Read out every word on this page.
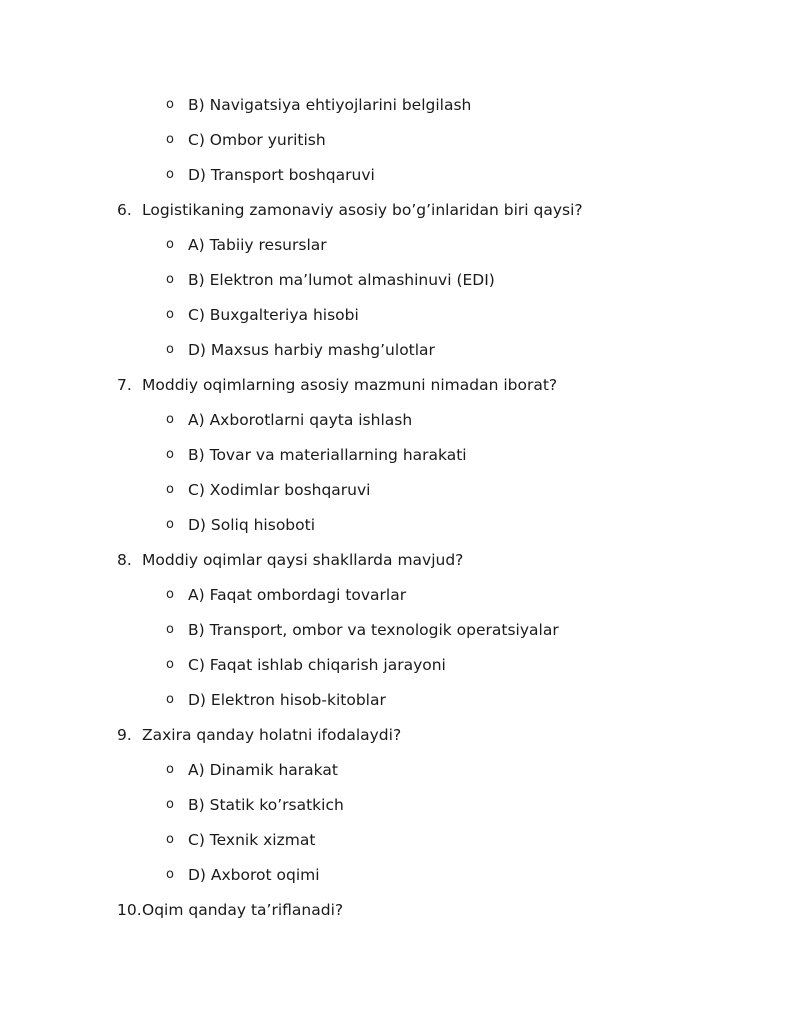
o B) Navigatsiya ehtiyojlarini belgilash
o C) Ombor yuritish
o D) Transport boshqaruvi
6. Logistikaning zamonaviy asosiy bo’g’inlaridan biri qaysi?
o A) Tabiiy resurslar
o B) Elektron ma’lumot almashinuvi (EDI)
o C) Buxgalteriya hisobi
o D) Maxsus harbiy mashg’ulotlar
7. Moddiy oqimlarning asosiy mazmuni nimadan iborat?
o A) Axborotlarni qayta ishlash
o B) Tovar va materiallarning harakati
o C) Xodimlar boshqaruvi
o D) Soliq hisoboti
8. Moddiy oqimlar qaysi shakllarda mavjud?
o A) Faqat ombordagi tovarlar
o B) Transport, ombor va texnologik operatsiyalar
o C) Faqat ishlab chiqarish jarayoni
o D) Elektron hisob-kitoblar
9. Zaxira qanday holatni ifodalaydi?
o A) Dinamik harakat
o B) Statik ko’rsatkich
o C) Texnik xizmat
o D) Axborot oqimi
10. Oqim qanday ta’riflanadi?
